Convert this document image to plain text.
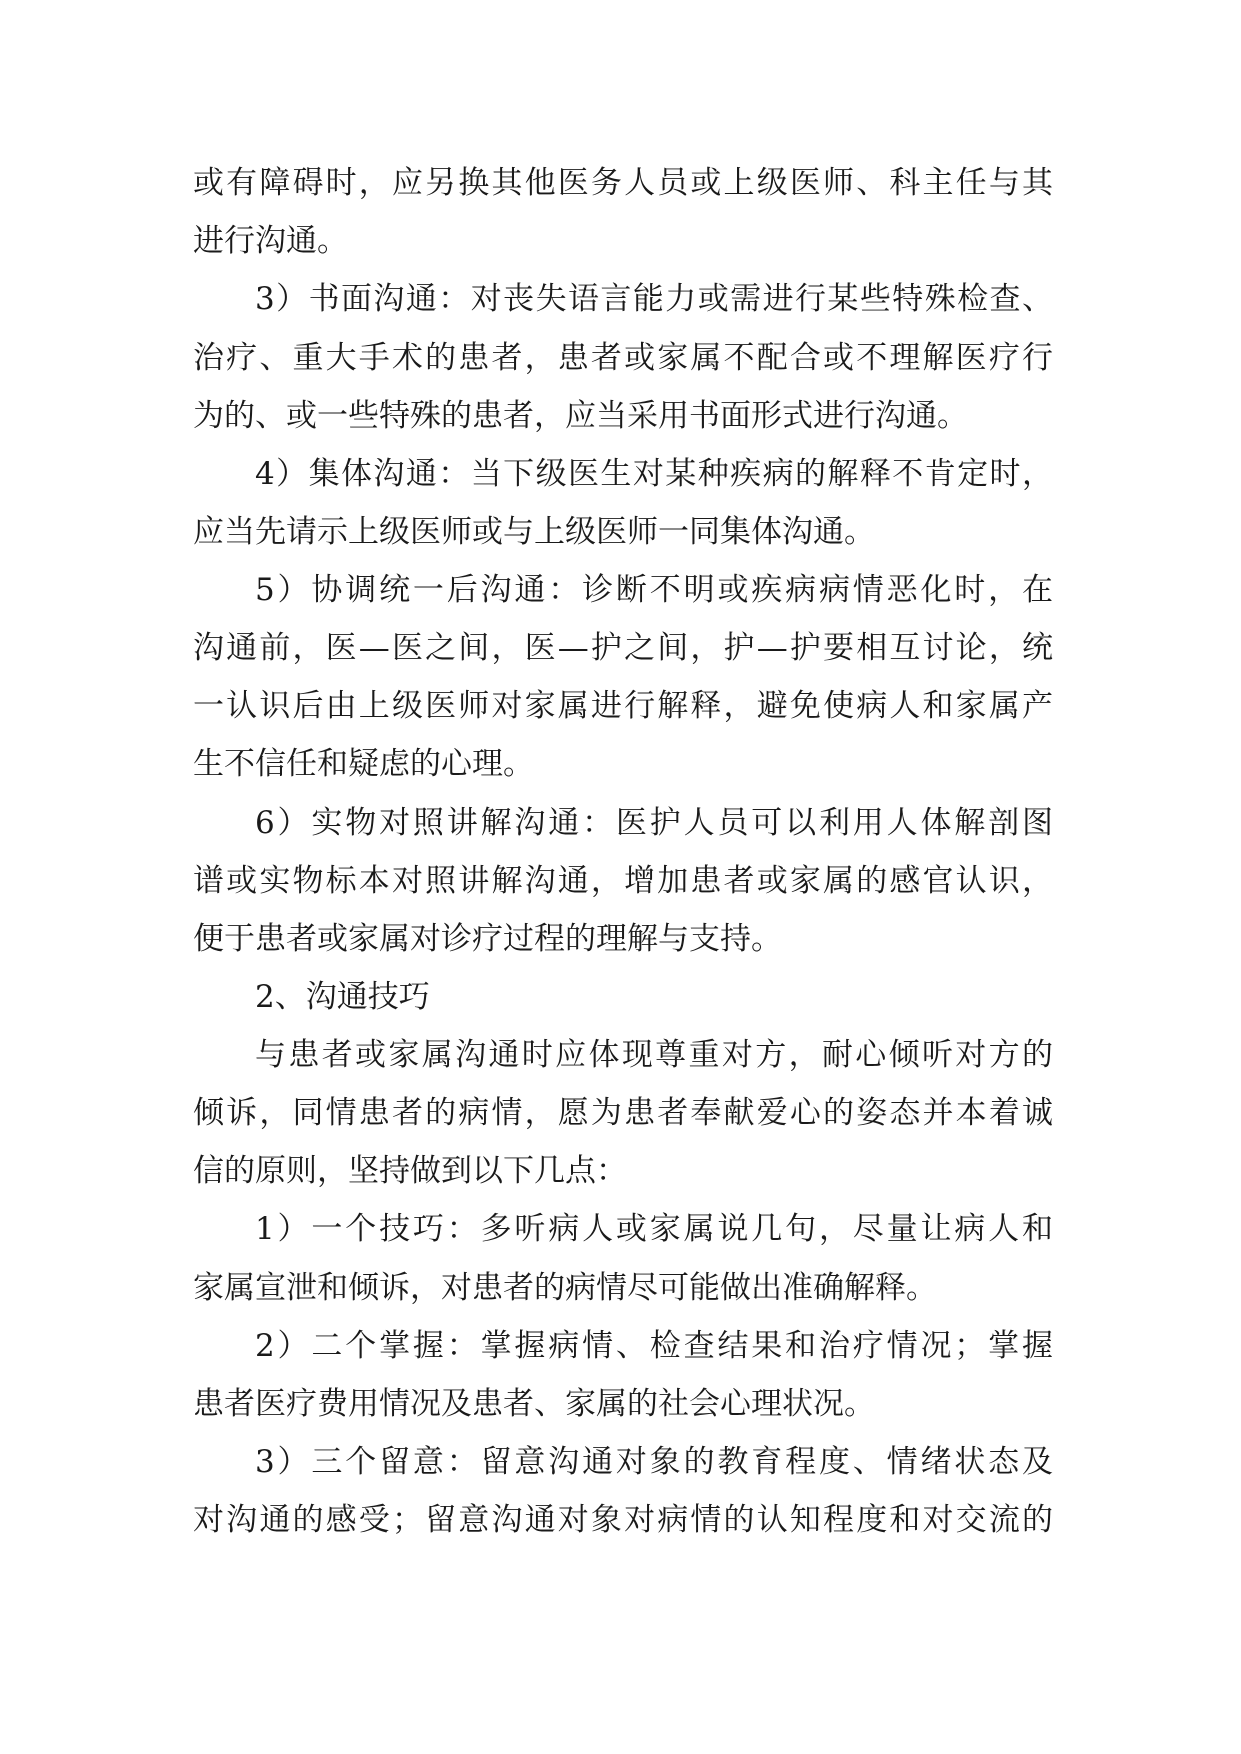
或有障碍时，应另换其他医务人员或上级医师、科主任与其
进行沟通。
3）书面沟通：对丧失语言能力或需进行某些特殊检查、
治疗、重大手术的患者，患者或家属不配合或不理解医疗行
为的、或一些特殊的患者，应当采用书面形式进行沟通。
4）集体沟通：当下级医生对某种疾病的解释不肯定时，
应当先请示上级医师或与上级医师一同集体沟通。
5）协调统一后沟通：诊断不明或疾病病情恶化时，在
沟通前，医—医之间，医—护之间，护—护要相互讨论，统
一认识后由上级医师对家属进行解释，避免使病人和家属产
生不信任和疑虑的心理。
6）实物对照讲解沟通：医护人员可以利用人体解剖图
谱或实物标本对照讲解沟通，增加患者或家属的感官认识，
便于患者或家属对诊疗过程的理解与支持。
2、沟通技巧
与患者或家属沟通时应体现尊重对方，耐心倾听对方的
倾诉，同情患者的病情，愿为患者奉献爱心的姿态并本着诚
信的原则，坚持做到以下几点：
1）一个技巧：多听病人或家属说几句，尽量让病人和
家属宣泄和倾诉，对患者的病情尽可能做出准确解释。
2）二个掌握：掌握病情、检查结果和治疗情况；掌握
患者医疗费用情况及患者、家属的社会心理状况。
3）三个留意：留意沟通对象的教育程度、情绪状态及
对沟通的感受；留意沟通对象对病情的认知程度和对交流的
